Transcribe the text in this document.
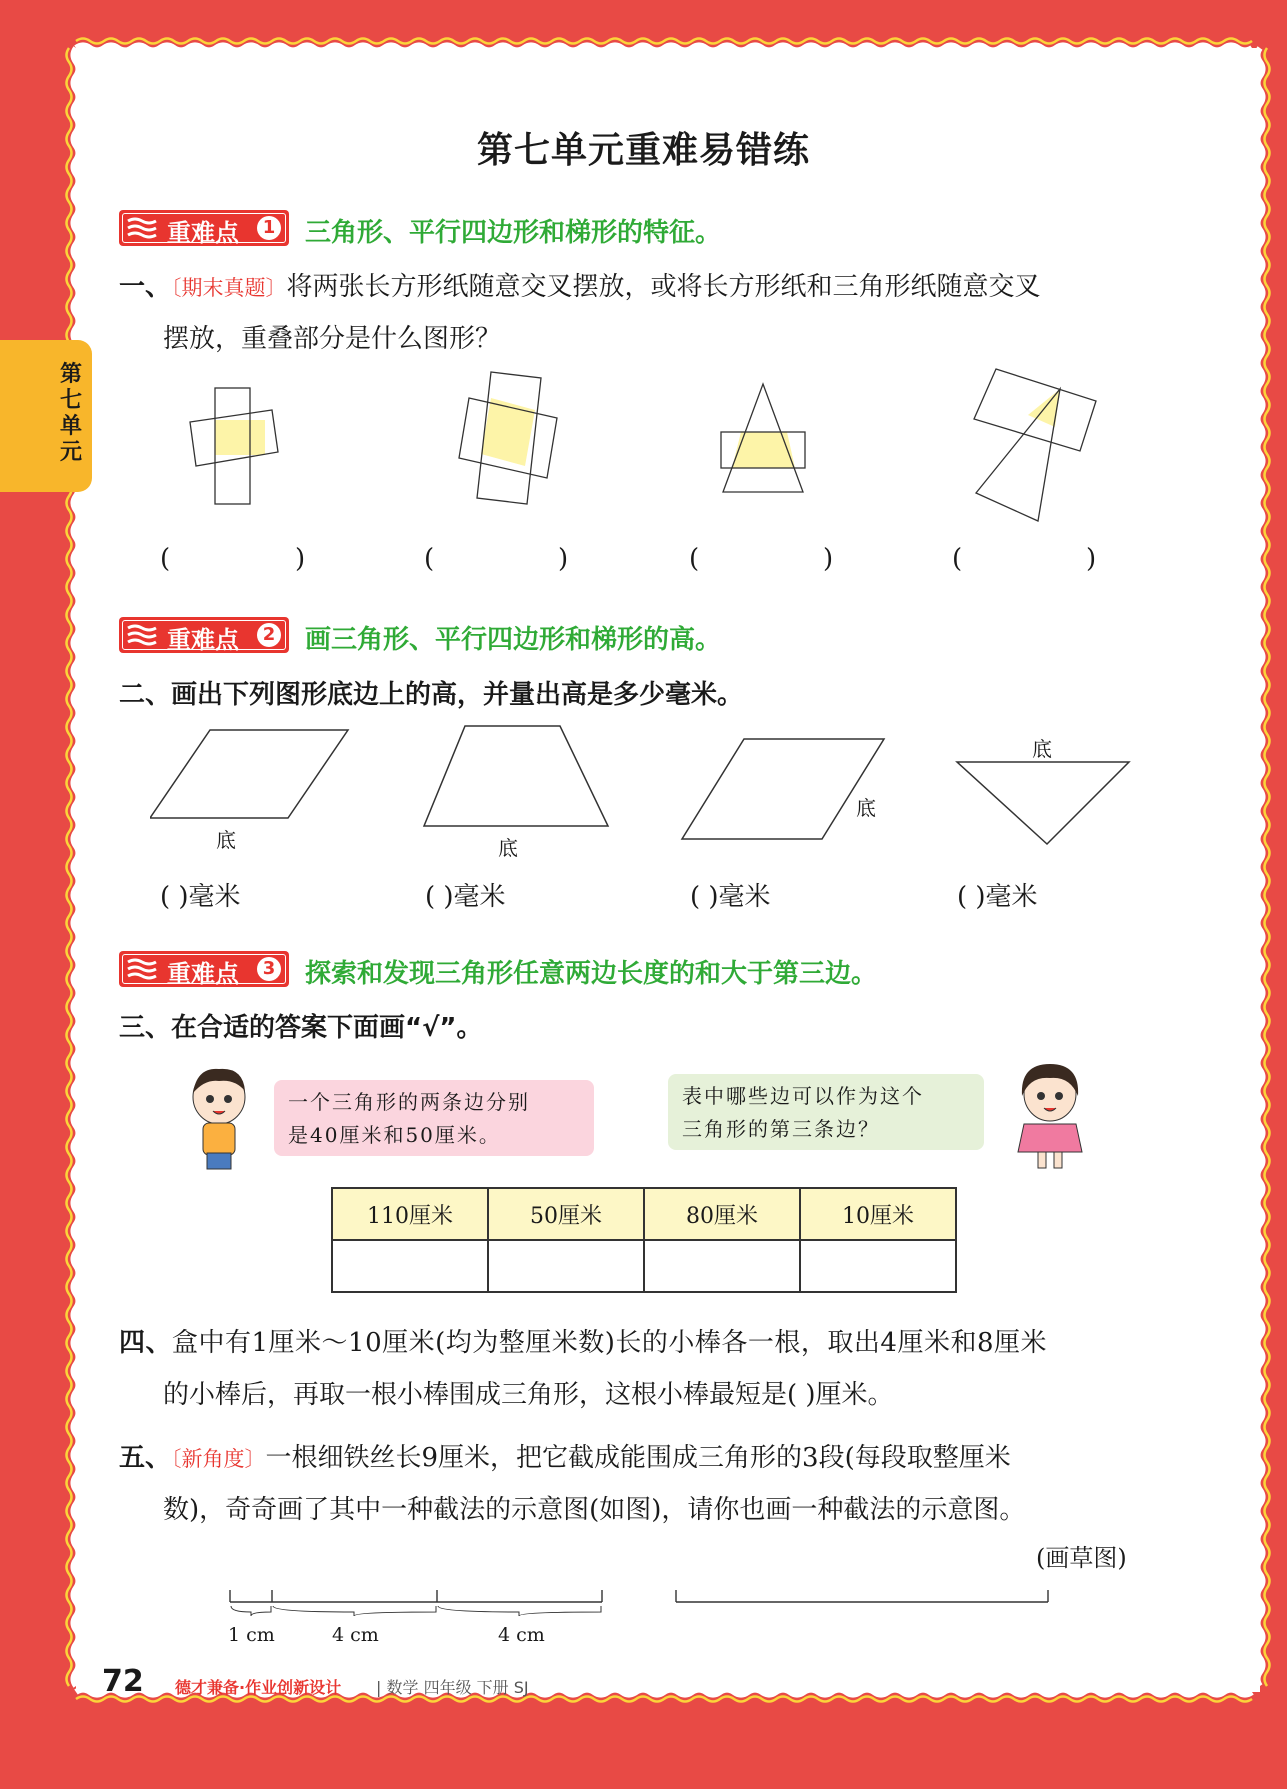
第七单元重难易错练
第七单元
重难点	1 三角形、平行四边形和梯形的特征。
一、〔期末真题〕将两张长方形纸随意交叉摆放，或将长方形纸和三角形纸随意交叉
摆放，重叠部分是什么图形？
(	)	(	)	(	)	(	)
重难点	2 画三角形、平行四边形和梯形的高。
二、画出下列图形底边上的高，并量出高是多少毫米。
底	底
底
底
( )毫米	( )毫米	( )毫米	( )毫米
重难点	3 探索和发现三角形任意两边长度的和大于第三边。
三、在合适的答案下面画“√”。
一个三角形的两条边分别
是40厘米和50厘米。
表中哪些边可以作为这个
三角形的第三条边？
110厘米	50厘米	80厘米	10厘米

四、盒中有1厘米～10厘米(均为整厘米数)长的小棒各一根，取出4厘米和8厘米
的小棒后，再取一根小棒围成三角形，这根小棒最短是( )厘米。
五、〔新角度〕一根细铁丝长9厘米，把它截成能围成三角形的3段(每段取整厘米
数)，奇奇画了其中一种截法的示意图(如图)，请你也画一种截法的示意图。
(画草图)
1 cm	4 cm	4 cm
72 德才兼备·作业创新设计 | 数学 四年级 下册 SJ
